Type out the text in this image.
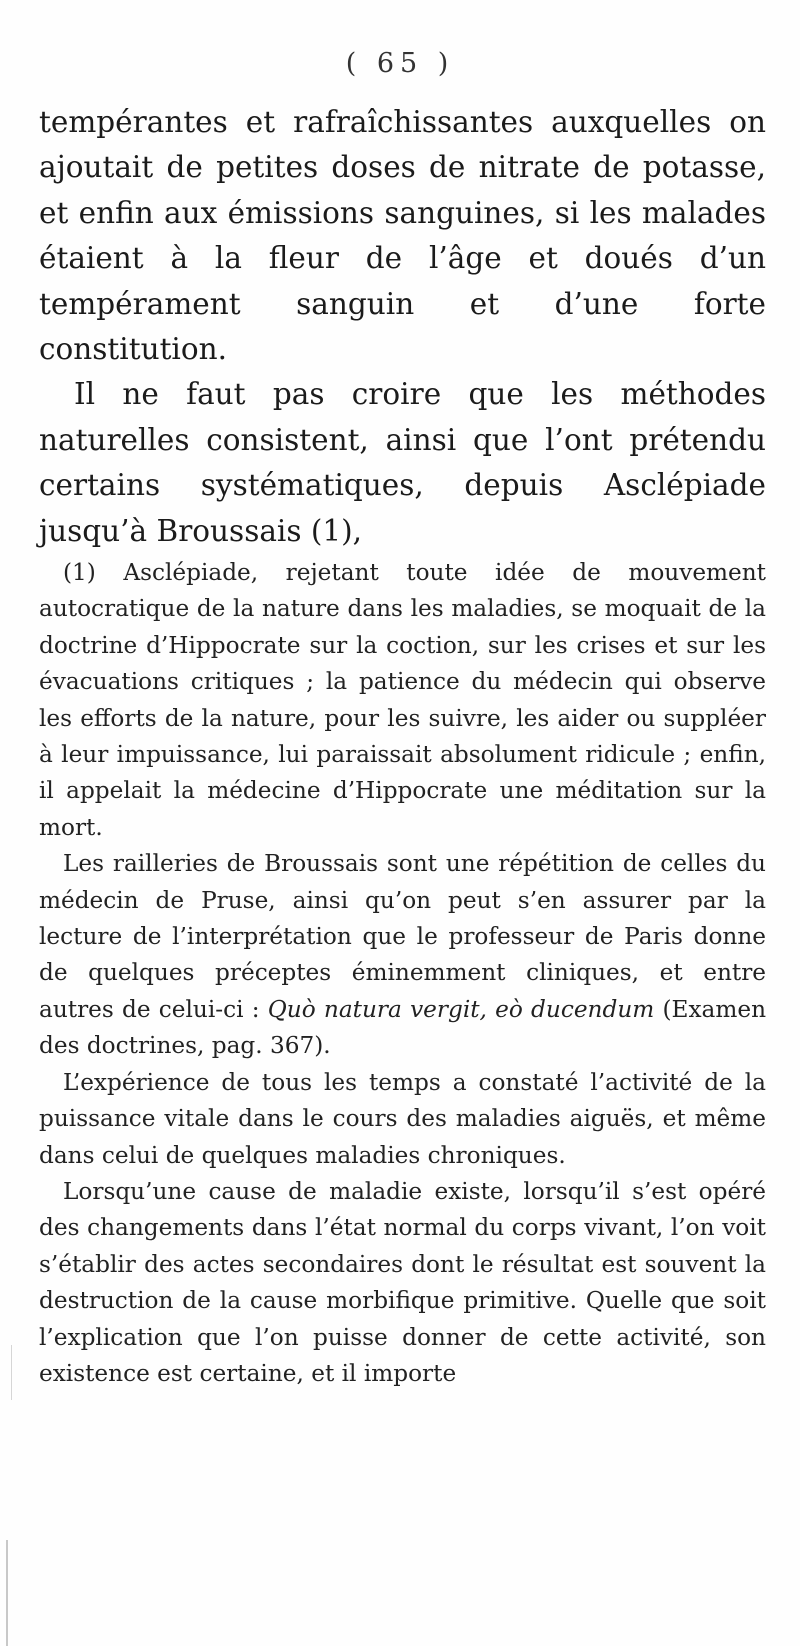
( 65 )

tempérantes et rafraîchissantes auxquelles on ajoutait de petites doses de nitrate de potasse, et enfin aux émissions sanguines, si les malades étaient à la fleur de l’âge et doués d’un tempérament sanguin et d’une forte constitution.

Il ne faut pas croire que les méthodes naturelles consistent, ainsi que l’ont prétendu certains systématiques, depuis Asclépiade jusqu’à Broussais (1),

(1) Asclépiade, rejetant toute idée de mouvement autocratique de la nature dans les maladies, se moquait de la doctrine d’Hippocrate sur la coction, sur les crises et sur les évacuations critiques ; la patience du médecin qui observe les efforts de la nature, pour les suivre, les aider ou suppléer à leur impuissance, lui paraissait absolument ridicule ; enfin, il appelait la médecine d’Hippocrate une méditation sur la mort.

Les railleries de Broussais sont une répétition de celles du médecin de Pruse, ainsi qu’on peut s’en assurer par la lecture de l’interprétation que le professeur de Paris donne de quelques préceptes éminemment cliniques, et entre autres de celui-ci : Quò natura vergit, eò ducendum (Examen des doctrines, pag. 367).

L’expérience de tous les temps a constaté l’activité de la puissance vitale dans le cours des maladies aiguës, et même dans celui de quelques maladies chroniques.

Lorsqu’une cause de maladie existe, lorsqu’il s’est opéré des changements dans l’état normal du corps vivant, l’on voit s’établir des actes secondaires dont le résultat est souvent la destruction de la cause morbifique primitive. Quelle que soit l’explication que l’on puisse donner de cette activité, son existence est certaine, et il importe
